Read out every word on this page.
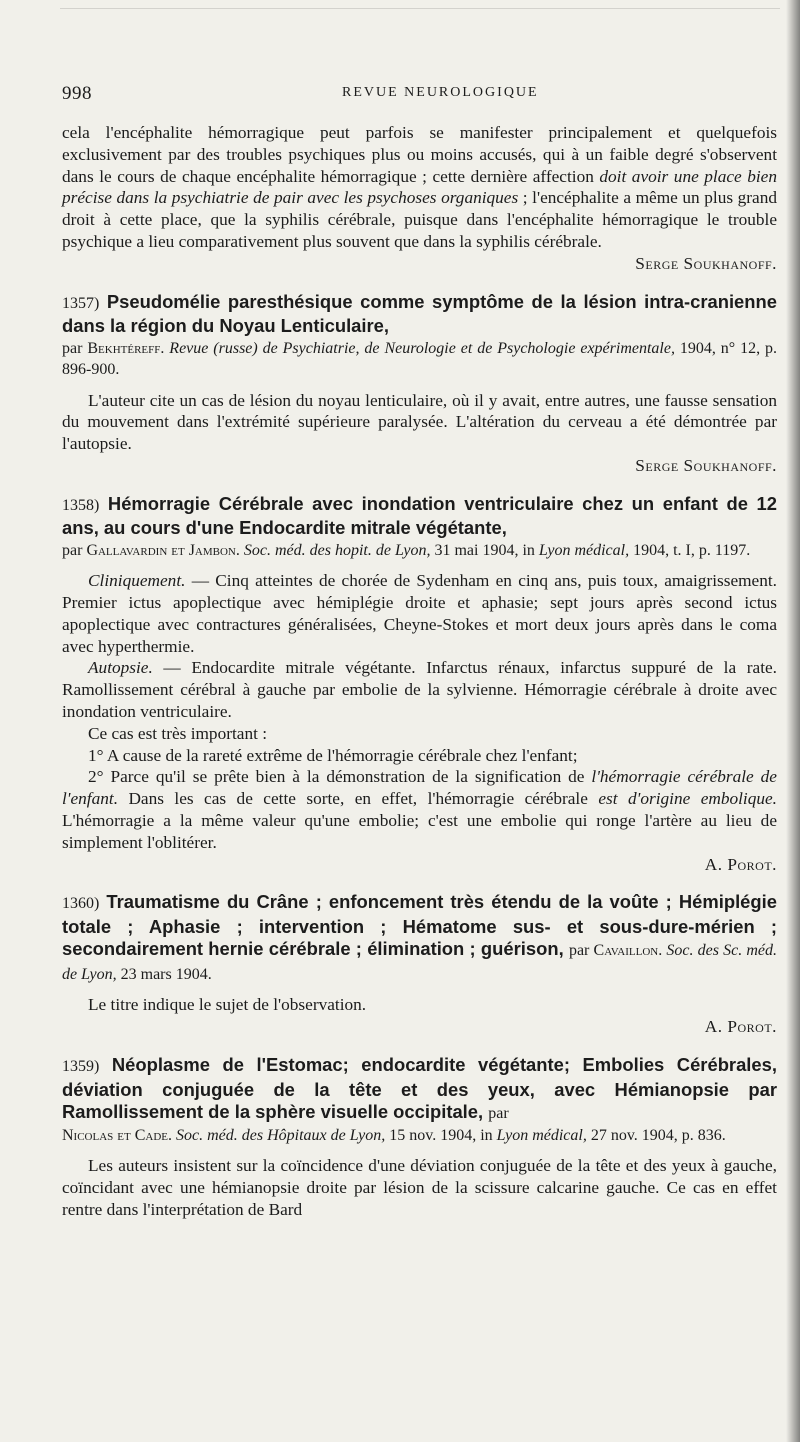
998	REVUE NEUROLOGIQUE

cela l'encéphalite hémorragique peut parfois se manifester principalement et quelquefois exclusivement par des troubles psychiques plus ou moins accusés, qui à un faible degré s'observent dans le cours de chaque encéphalite hémorragique ; cette dernière affection doit avoir une place bien précise dans la psychiatrie de pair avec les psychoses organiques ; l'encéphalite a même un plus grand droit à cette place, que la syphilis cérébrale, puisque dans l'encéphalite hémorragique le trouble psychique a lieu comparativement plus souvent que dans la syphilis cérébrale.

Serge Soukhanoff.

1357) Pseudomélie paresthésique comme symptôme de la lésion intra-cranienne dans la région du Noyau Lenticulaire,

par Bekhtéreff. Revue (russe) de Psychiatrie, de Neurologie et de Psychologie expérimentale, 1904, n° 12, p. 896-900.

L'auteur cite un cas de lésion du noyau lenticulaire, où il y avait, entre autres, une fausse sensation du mouvement dans l'extrémité supérieure paralysée. L'altération du cerveau a été démontrée par l'autopsie.

Serge Soukhanoff.

1358) Hémorragie Cérébrale avec inondation ventriculaire chez un enfant de 12 ans, au cours d'une Endocardite mitrale végétante,

par Gallavardin et Jambon. Soc. méd. des hopit. de Lyon, 31 mai 1904, in Lyon médical, 1904, t. I, p. 1197.

Cliniquement. — Cinq atteintes de chorée de Sydenham en cinq ans, puis toux, amaigrissement. Premier ictus apoplectique avec hémiplégie droite et aphasie; sept jours après second ictus apoplectique avec contractures généralisées, Cheyne-Stokes et mort deux jours après dans le coma avec hyperthermie.

Autopsie. — Endocardite mitrale végétante. Infarctus rénaux, infarctus suppuré de la rate. Ramollissement cérébral à gauche par embolie de la sylvienne. Hémorragie cérébrale à droite avec inondation ventriculaire.

Ce cas est très important :

1° A cause de la rareté extrême de l'hémorragie cérébrale chez l'enfant;

2° Parce qu'il se prête bien à la démonstration de la signification de l'hémorragie cérébrale de l'enfant. Dans les cas de cette sorte, en effet, l'hémorragie cérébrale est d'origine embolique. L'hémorragie a la même valeur qu'une embolie; c'est une embolie qui ronge l'artère au lieu de simplement l'oblitérer.

A. Porot.

1360) Traumatisme du Crâne ; enfoncement très étendu de la voûte ; Hémiplégie totale ; Aphasie ; intervention ; Hématome sus- et sous-dure-mérien ; secondairement hernie cérébrale ; élimination ; guérison, par Cavaillon. Soc. des Sc. méd. de Lyon, 23 mars 1904.

Le titre indique le sujet de l'observation.

A. Porot.

1359) Néoplasme de l'Estomac; endocardite végétante; Embolies Cérébrales, déviation conjuguée de la tête et des yeux, avec Hémianopsie par Ramollissement de la sphère visuelle occipitale, par

Nicolas et Cade. Soc. méd. des Hôpitaux de Lyon, 15 nov. 1904, in Lyon médical, 27 nov. 1904, p. 836.

Les auteurs insistent sur la coïncidence d'une déviation conjuguée de la tête et des yeux à gauche, coïncidant avec une hémianopsie droite par lésion de la scissure calcarine gauche. Ce cas en effet rentre dans l'interprétation de Bard
